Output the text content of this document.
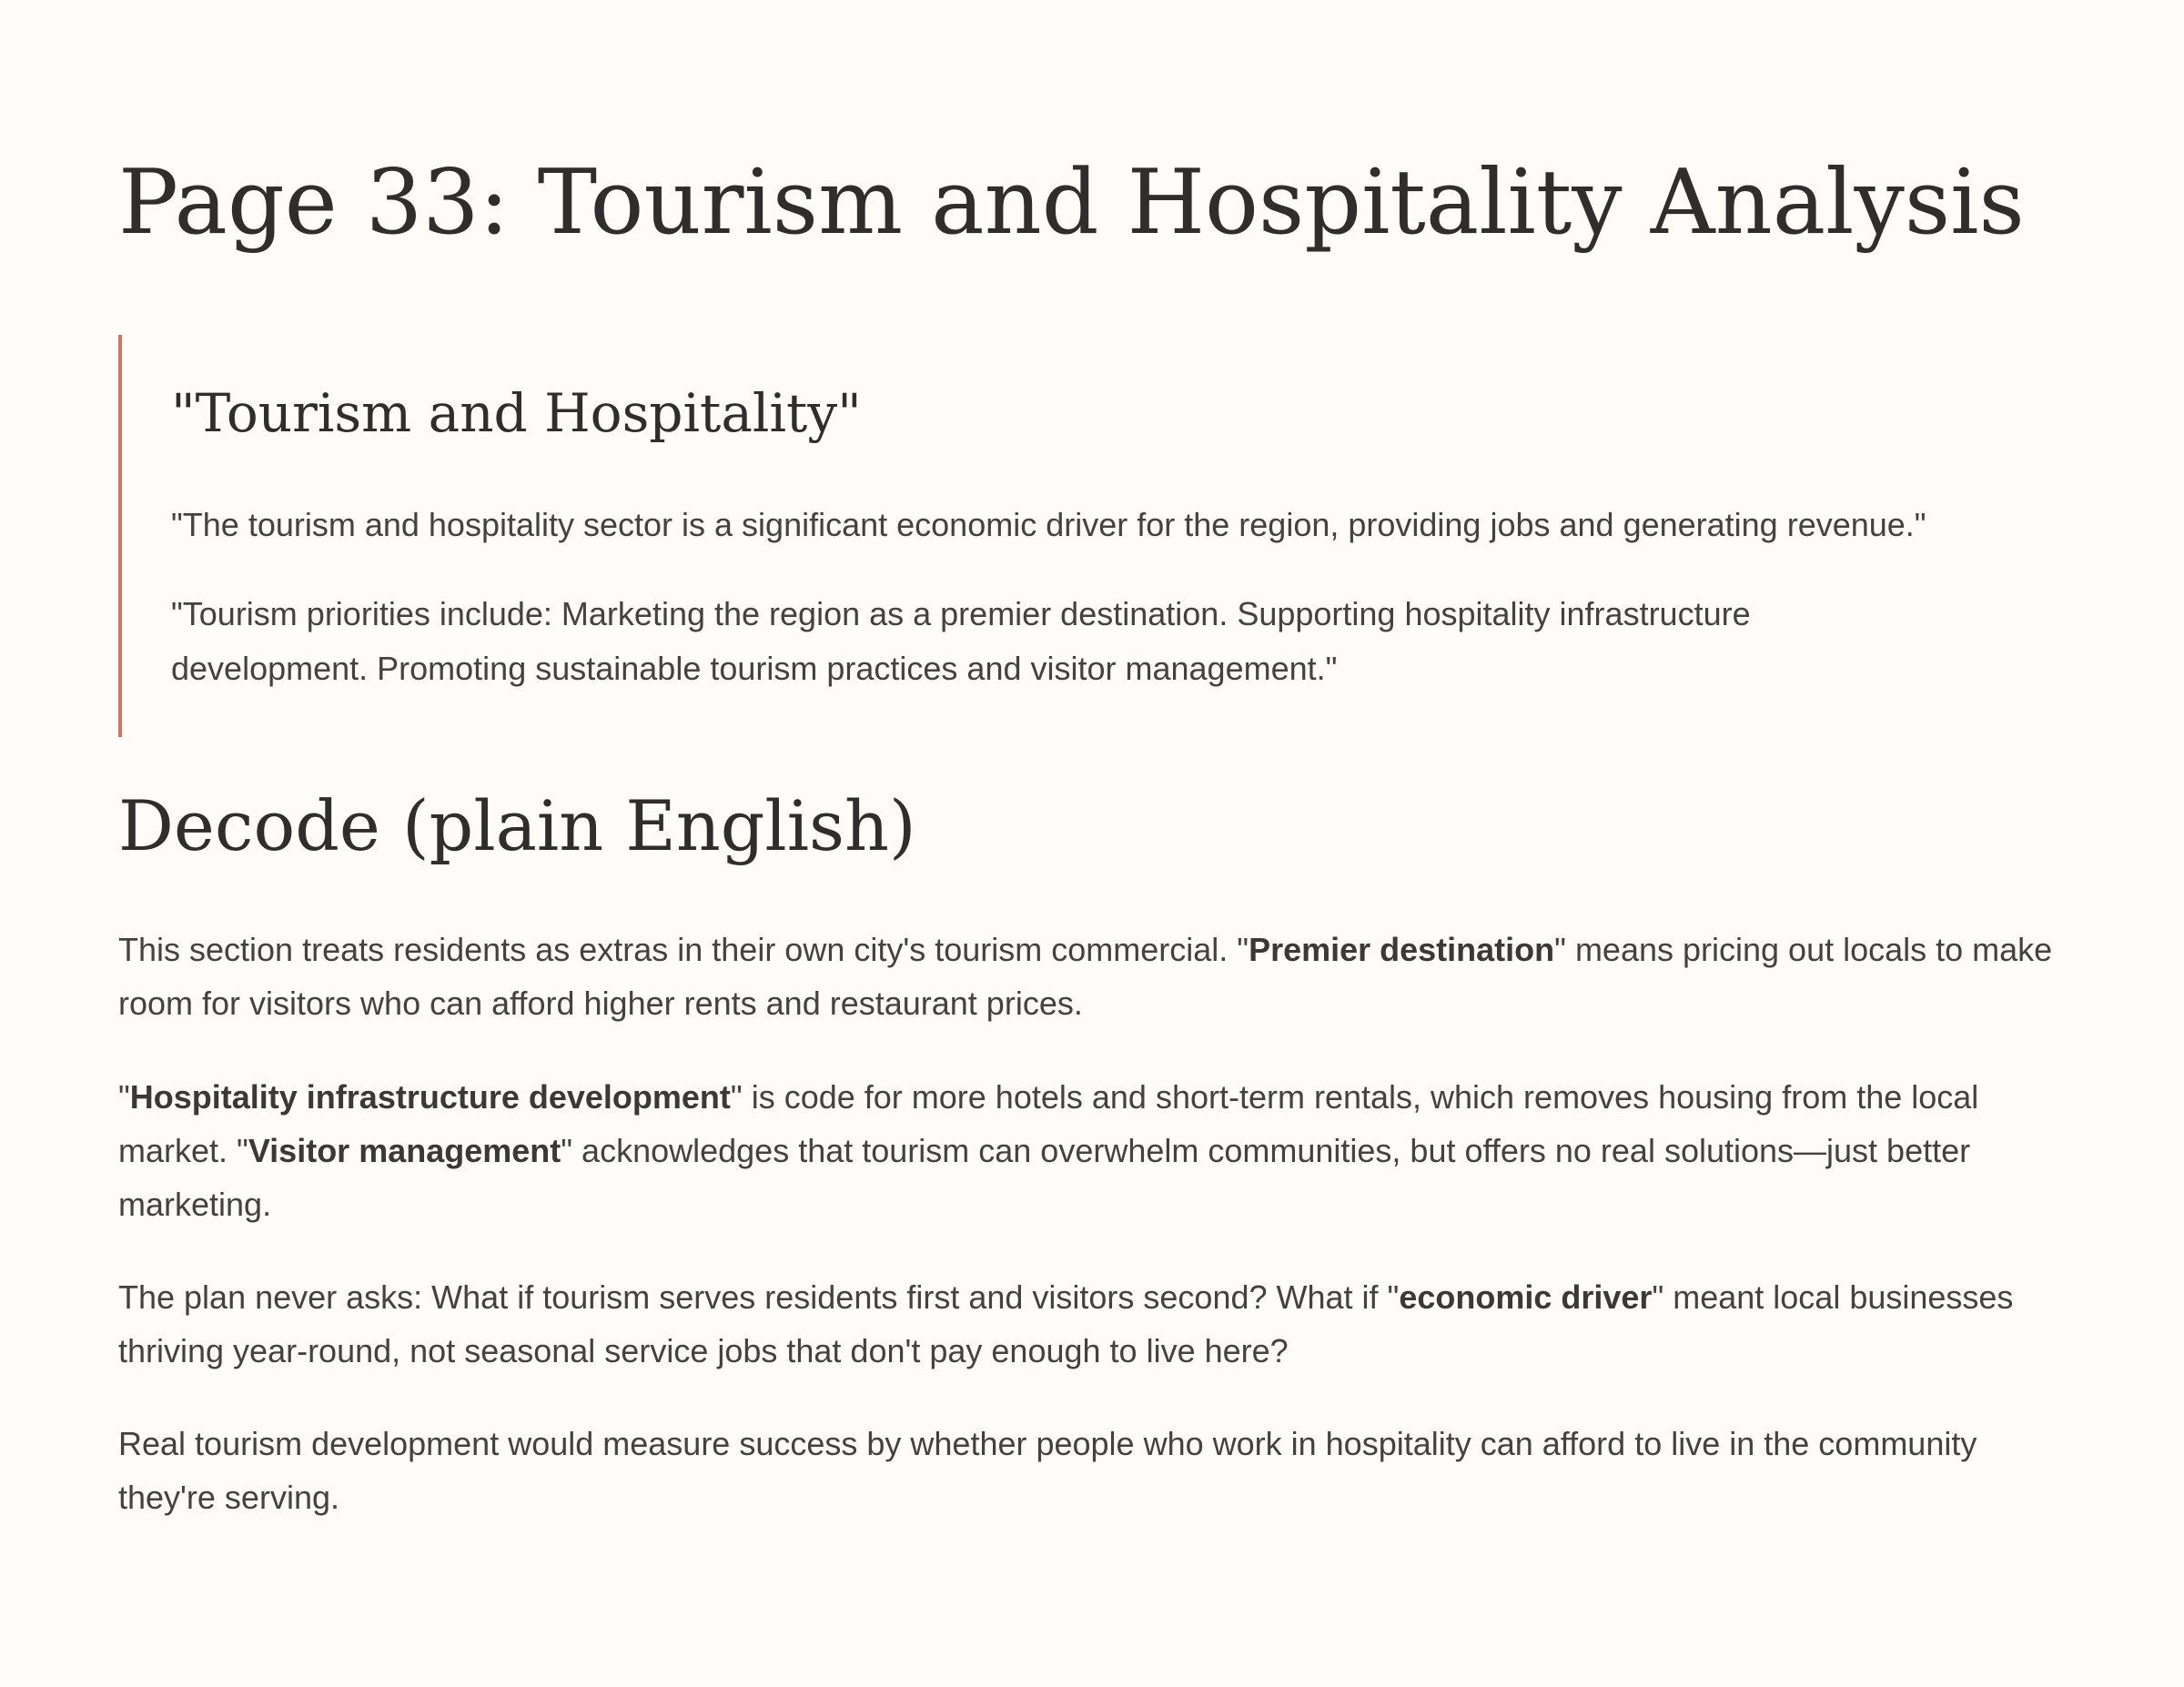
Page 33: Tourism and Hospitality Analysis
"Tourism and Hospitality"

"The tourism and hospitality sector is a significant economic driver for the region, providing jobs and generating revenue."

"Tourism priorities include: Marketing the region as a premier destination. Supporting hospitality infrastructure development. Promoting sustainable tourism practices and visitor management."

Decode (plain English)

This section treats residents as extras in their own city's tourism commercial. "Premier destination" means pricing out locals to make room for visitors who can afford higher rents and restaurant prices.

"Hospitality infrastructure development" is code for more hotels and short-term rentals, which removes housing from the local market. "Visitor management" acknowledges that tourism can overwhelm communities, but offers no real solutions—just better marketing.

The plan never asks: What if tourism serves residents first and visitors second? What if "economic driver" meant local businesses thriving year-round, not seasonal service jobs that don't pay enough to live here?

Real tourism development would measure success by whether people who work in hospitality can afford to live in the community they're serving.
